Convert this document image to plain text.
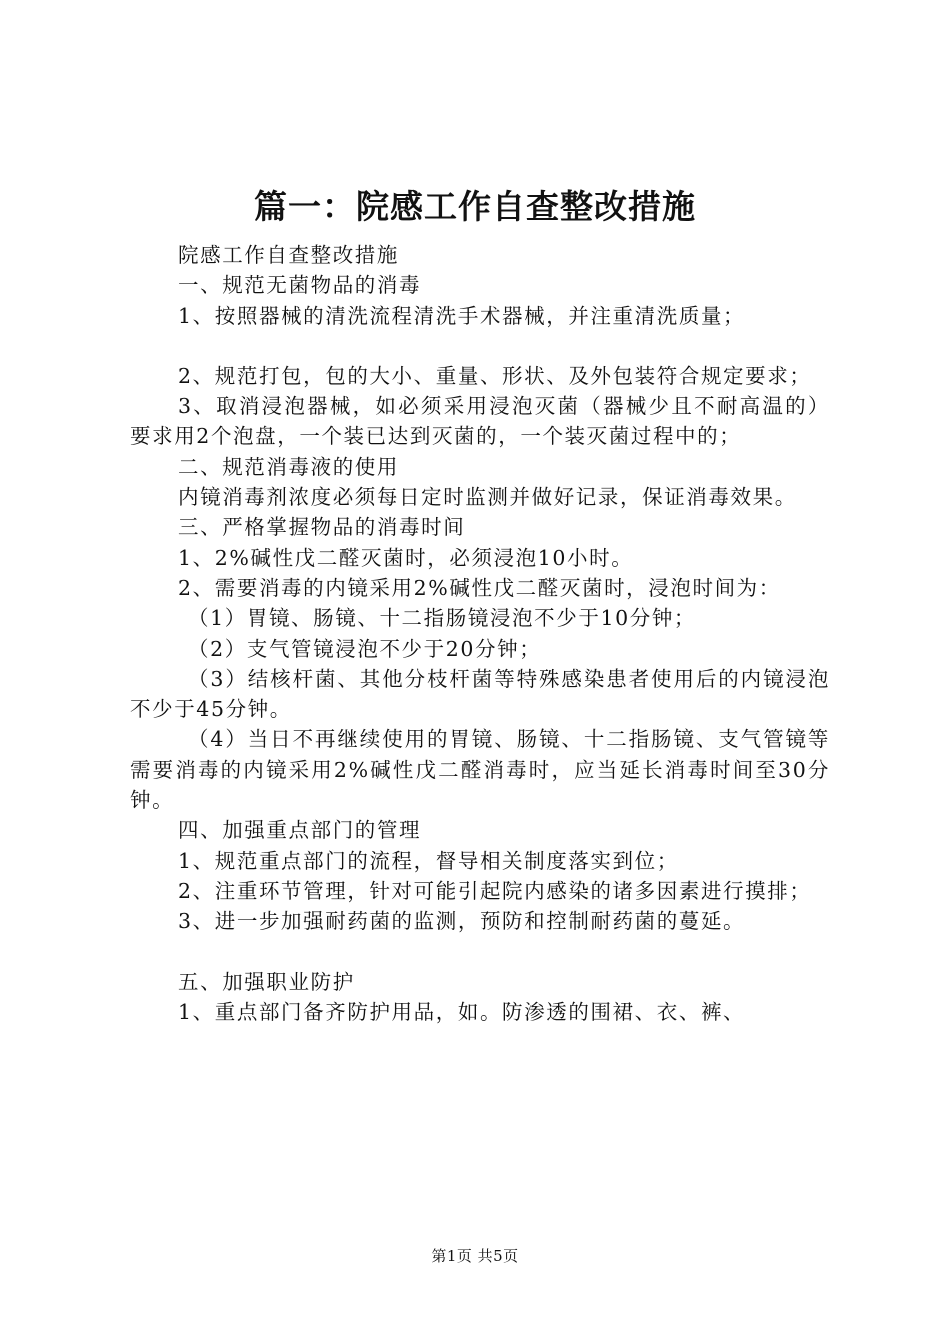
篇一：院感工作自查整改措施

院感工作自查整改措施

一、规范无菌物品的消毒

1、按照器械的清洗流程清洗手术器械，并注重清洗质量；

2、规范打包，包的大小、重量、形状、及外包装符合规定要求；

3、取消浸泡器械，如必须采用浸泡灭菌（器械少且不耐高温的）要求用2个泡盘，一个装已达到灭菌的，一个装灭菌过程中的；

二、规范消毒液的使用

内镜消毒剂浓度必须每日定时监测并做好记录，保证消毒效果。

三、严格掌握物品的消毒时间

1、2%碱性戊二醛灭菌时，必须浸泡10小时。

2、需要消毒的内镜采用2%碱性戊二醛灭菌时，浸泡时间为：

（1）胃镜、肠镜、十二指肠镜浸泡不少于10分钟；

（2）支气管镜浸泡不少于20分钟；

（3）结核杆菌、其他分枝杆菌等特殊感染患者使用后的内镜浸泡不少于45分钟。

（4）当日不再继续使用的胃镜、肠镜、十二指肠镜、支气管镜等需要消毒的内镜采用2%碱性戊二醛消毒时，应当延长消毒时间至30分钟。

四、加强重点部门的管理

1、规范重点部门的流程，督导相关制度落实到位；

2、注重环节管理，针对可能引起院内感染的诸多因素进行摸排；

3、进一步加强耐药菌的监测，预防和控制耐药菌的蔓延。

五、加强职业防护

1、重点部门备齐防护用品，如。防渗透的围裙、衣、裤、

第1页 共5页
